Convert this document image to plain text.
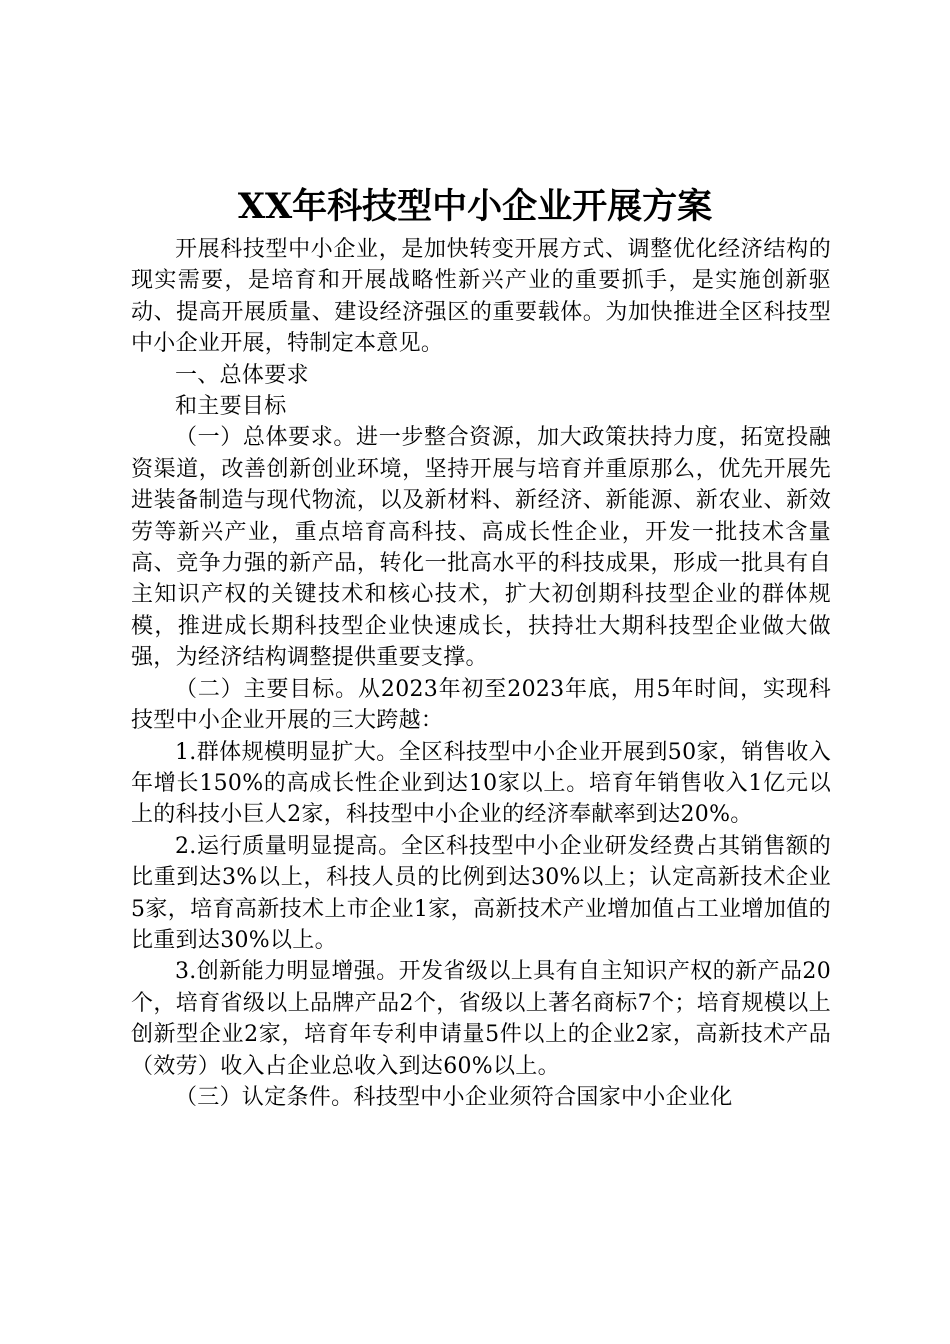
XX年科技型中小企业开展方案

开展科技型中小企业，是加快转变开展方式、调整优化经济结构的现实需要，是培育和开展战略性新兴产业的重要抓手，是实施创新驱动、提高开展质量、建设经济强区的重要载体。为加快推进全区科技型中小企业开展，特制定本意见。

一、总体要求

和主要目标

（一）总体要求。进一步整合资源，加大政策扶持力度，拓宽投融资渠道，改善创新创业环境，坚持开展与培育并重原那么，优先开展先进装备制造与现代物流，以及新材料、新经济、新能源、新农业、新效劳等新兴产业，重点培育高科技、高成长性企业，开发一批技术含量高、竞争力强的新产品，转化一批高水平的科技成果，形成一批具有自主知识产权的关键技术和核心技术，扩大初创期科技型企业的群体规模，推进成长期科技型企业快速成长，扶持壮大期科技型企业做大做强，为经济结构调整提供重要支撑。

（二）主要目标。从2023年初至2023年底，用5年时间，实现科技型中小企业开展的三大跨越：

1.群体规模明显扩大。全区科技型中小企业开展到50家，销售收入年增长150%的高成长性企业到达10家以上。培育年销售收入1亿元以上的科技小巨人2家，科技型中小企业的经济奉献率到达20%。

2.运行质量明显提高。全区科技型中小企业研发经费占其销售额的比重到达3%以上，科技人员的比例到达30%以上；认定高新技术企业5家，培育高新技术上市企业1家，高新技术产业增加值占工业增加值的比重到达30%以上。

3.创新能力明显增强。开发省级以上具有自主知识产权的新产品20个，培育省级以上品牌产品2个，省级以上著名商标7个；培育规模以上创新型企业2家，培育年专利申请量5件以上的企业2家，高新技术产品（效劳）收入占企业总收入到达60%以上。

（三）认定条件。科技型中小企业须符合国家中小企业化
